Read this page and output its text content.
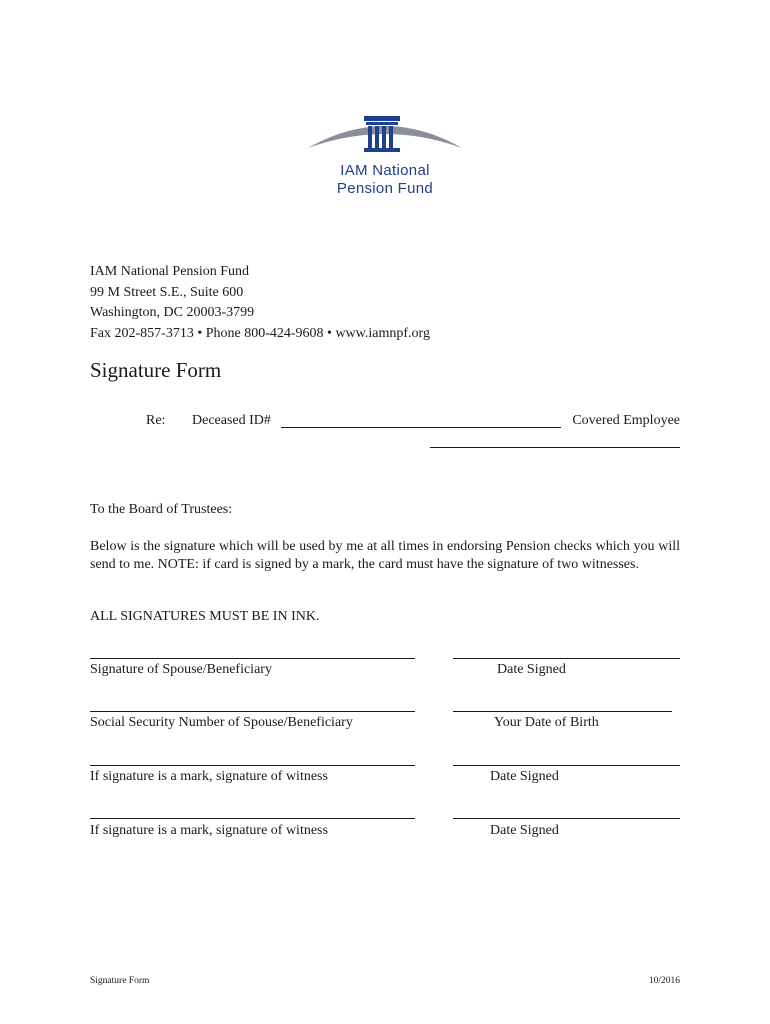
IAM National
Pension Fund
IAM National Pension Fund
99 M Street S.E., Suite 600
Washington, DC 20003-3799
Fax 202-857-3713 • Phone 800-424-9608 • www.iamnpf.org
Signature Form
Re: Deceased ID#	Covered Employee
To the Board of Trustees:
Below is the signature which will be used by me at all times in endorsing Pension checks which you will send to me. NOTE: if card is signed by a mark, the card must have the signature of two witnesses.
ALL SIGNATURES MUST BE IN INK.
Signature of Spouse/Beneficiary	Date Signed
Social Security Number of Spouse/Beneficiary	Your Date of Birth
If signature is a mark, signature of witness	Date Signed
If signature is a mark, signature of witness	Date Signed
Signature Form	10/2016
